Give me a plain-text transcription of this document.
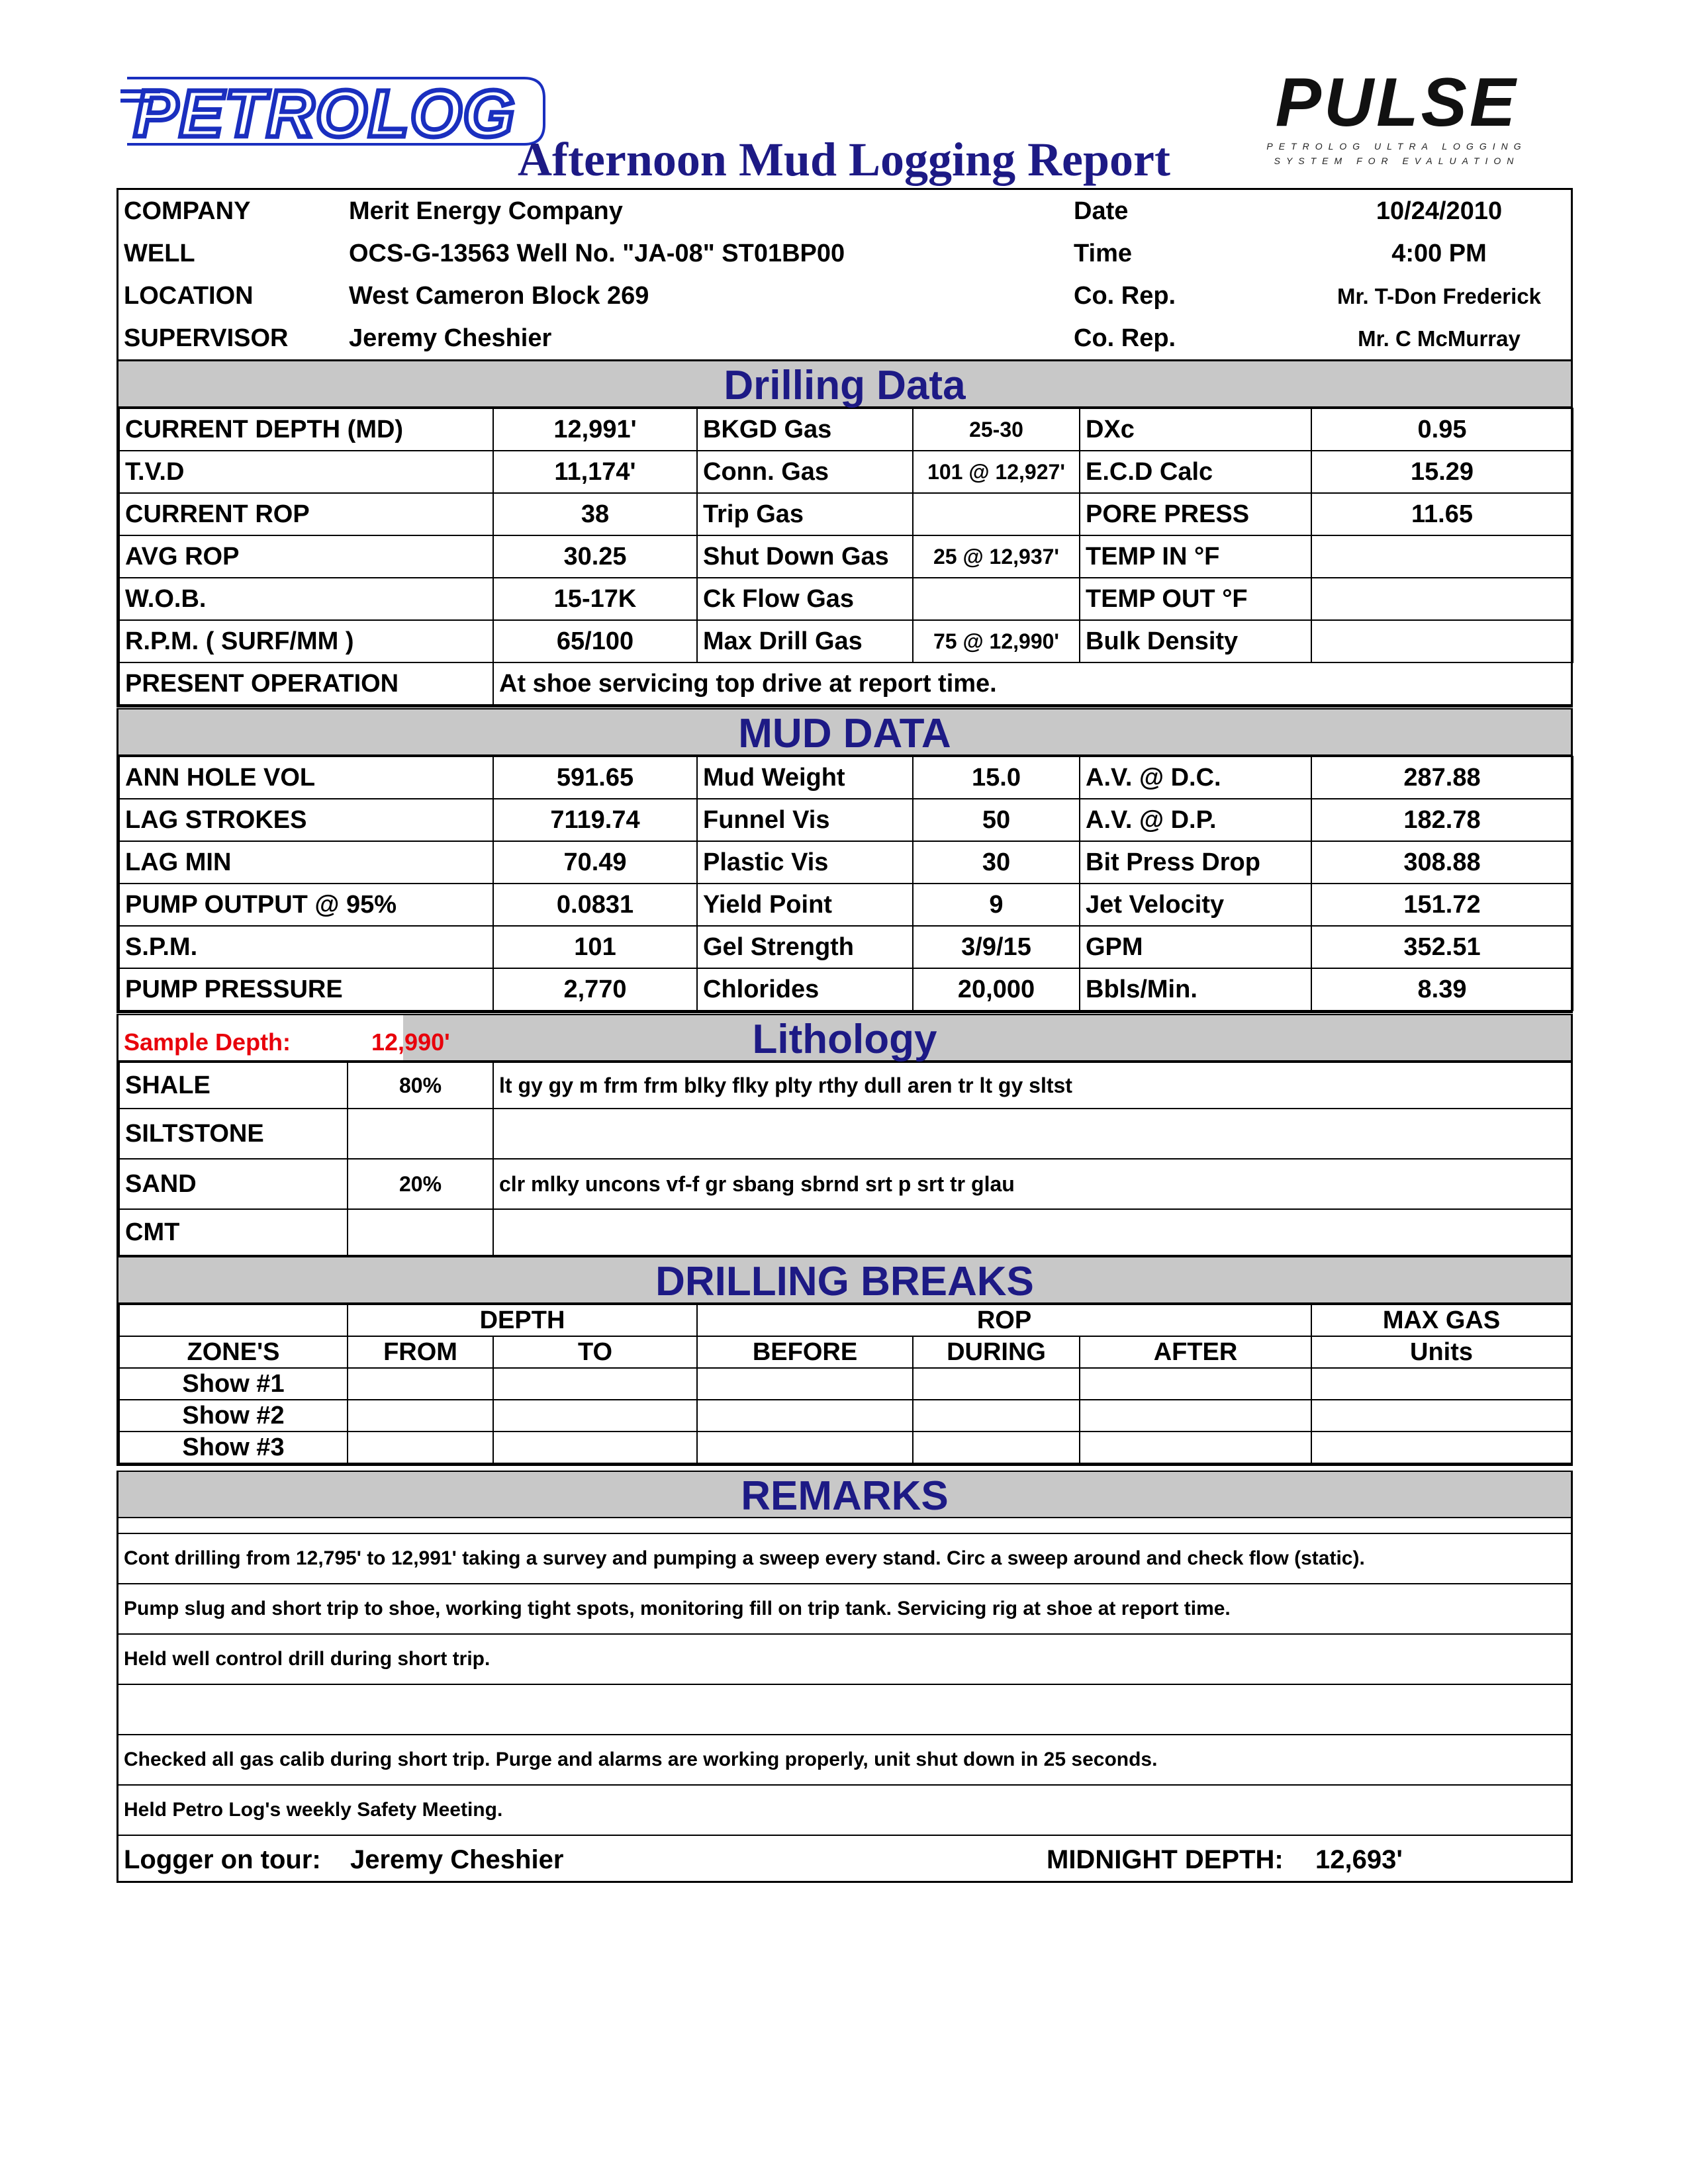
PETROLOG	PULSE
PETROLOG ULTRA LOGGING
SYSTEM FOR EVALUATION
Afternoon Mud Logging Report
COMPANY	Merit Energy Company	Date	10/24/2010
WELL	OCS-G-13563 Well No. "JA-08" ST01BP00	Time	4:00 PM
LOCATION	West Cameron Block 269	Co. Rep.	Mr. T-Don Frederick
SUPERVISOR	Jeremy Cheshier	Co. Rep.	Mr. C McMurray
Drilling Data
CURRENT DEPTH (MD)	12,991'	BKGD Gas	25-30	DXc	0.95
T.V.D	11,174'	Conn. Gas	101 @ 12,927'	E.C.D Calc	15.29
CURRENT ROP	38	Trip Gas		PORE PRESS	11.65
AVG ROP	30.25	Shut Down Gas	25 @ 12,937'	TEMP IN °F	
W.O.B.	15-17K	Ck Flow Gas		TEMP OUT °F	
R.P.M. ( SURF/MM )	65/100	Max Drill Gas	75 @ 12,990'	Bulk Density	
PRESENT OPERATION	At shoe servicing top drive at report time.				
MUD DATA
ANN HOLE VOL	591.65	Mud Weight	15.0	A.V. @ D.C.	287.88
LAG STROKES	7119.74	Funnel Vis	50	A.V. @ D.P.	182.78
LAG MIN	70.49	Plastic Vis	30	Bit Press Drop	308.88
PUMP OUTPUT @ 95%	0.0831	Yield Point	9	Jet Velocity	151.72
S.P.M.	101	Gel Strength	3/9/15	GPM	352.51
PUMP PRESSURE	2,770	Chlorides	20,000	Bbls/Min.	8.39
Sample Depth:	12,990'	Lithology
SHALE	80%	lt gy gy m frm frm blky flky plty rthy dull aren tr lt gy sltst
SILTSTONE		
SAND	20%	clr mlky uncons vf-f gr sbang sbrnd srt p srt tr glau
CMT		
DRILLING BREAKS
	DEPTH		ROP			MAX GAS
ZONE'S	FROM	TO	BEFORE	DURING	AFTER	Units
Show #1						
Show #2						
Show #3						
REMARKS
Cont drilling from 12,795' to 12,991' taking a survey and pumping a sweep every stand. Circ a sweep around and check flow (static).
Pump slug and short trip to shoe, working tight spots, monitoring fill on trip tank. Servicing rig at shoe at report time.
Held well control drill during short trip.

Checked all gas calib during short trip. Purge and alarms are working properly, unit shut down in 25 seconds.
Held Petro Log's weekly Safety Meeting.
Logger on tour: Jeremy Cheshier	MIDNIGHT DEPTH: 12,693'
